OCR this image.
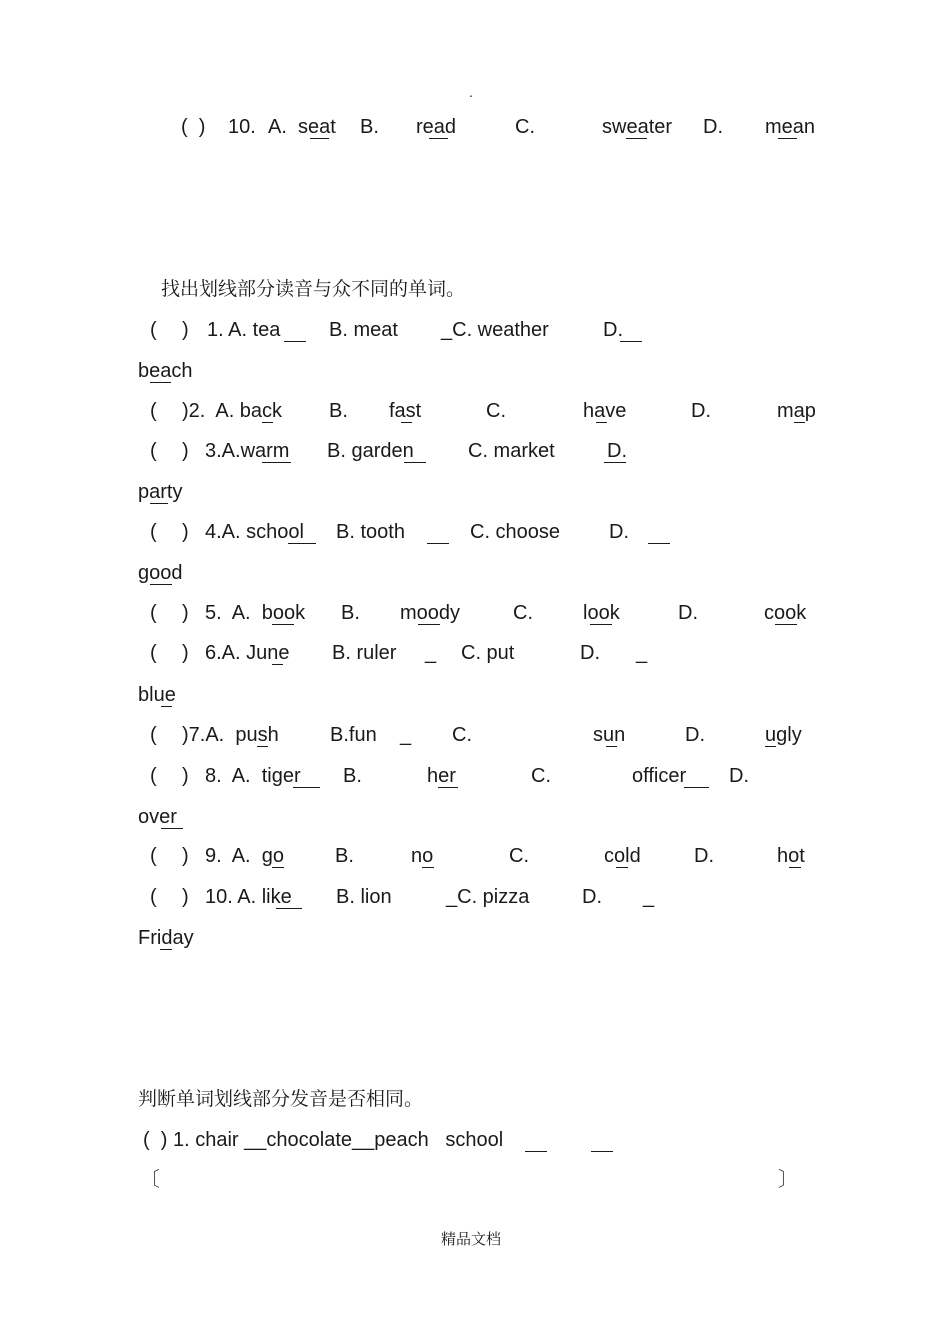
.
(  ) 10. A. seat B. read	C.	sweater D. mean
找出划线部分读音与众不同的单词。
( ) 1. A. tea B. meat _C. weather	D.
beach
( )2.  A. back B. fast	C.	have	D.	map
( ) 3.A.warm B. garden	C. market	D.
party
( ) 4.A. school B. tooth	C. choose D.
good
( ) 5.  A.  book B. moody	C.	look	D.	cook
( ) 6.A. June B. ruler _ C. put	D. _
blue
( )7.A.  push	B.fun _ C.	sun	D.	ugly
( ) 8.  A.  tiger B.	her	C.	officer D.
over
( ) 9.  A.  go	B.	no	C.	cold	D.	hot
( ) 10. A. like B. lion	_C. pizza	D. _
Friday
判断单词划线部分发音是否相同。
(  ) 1. chair __chocolate__peach   school
〔	〕
精品文档
